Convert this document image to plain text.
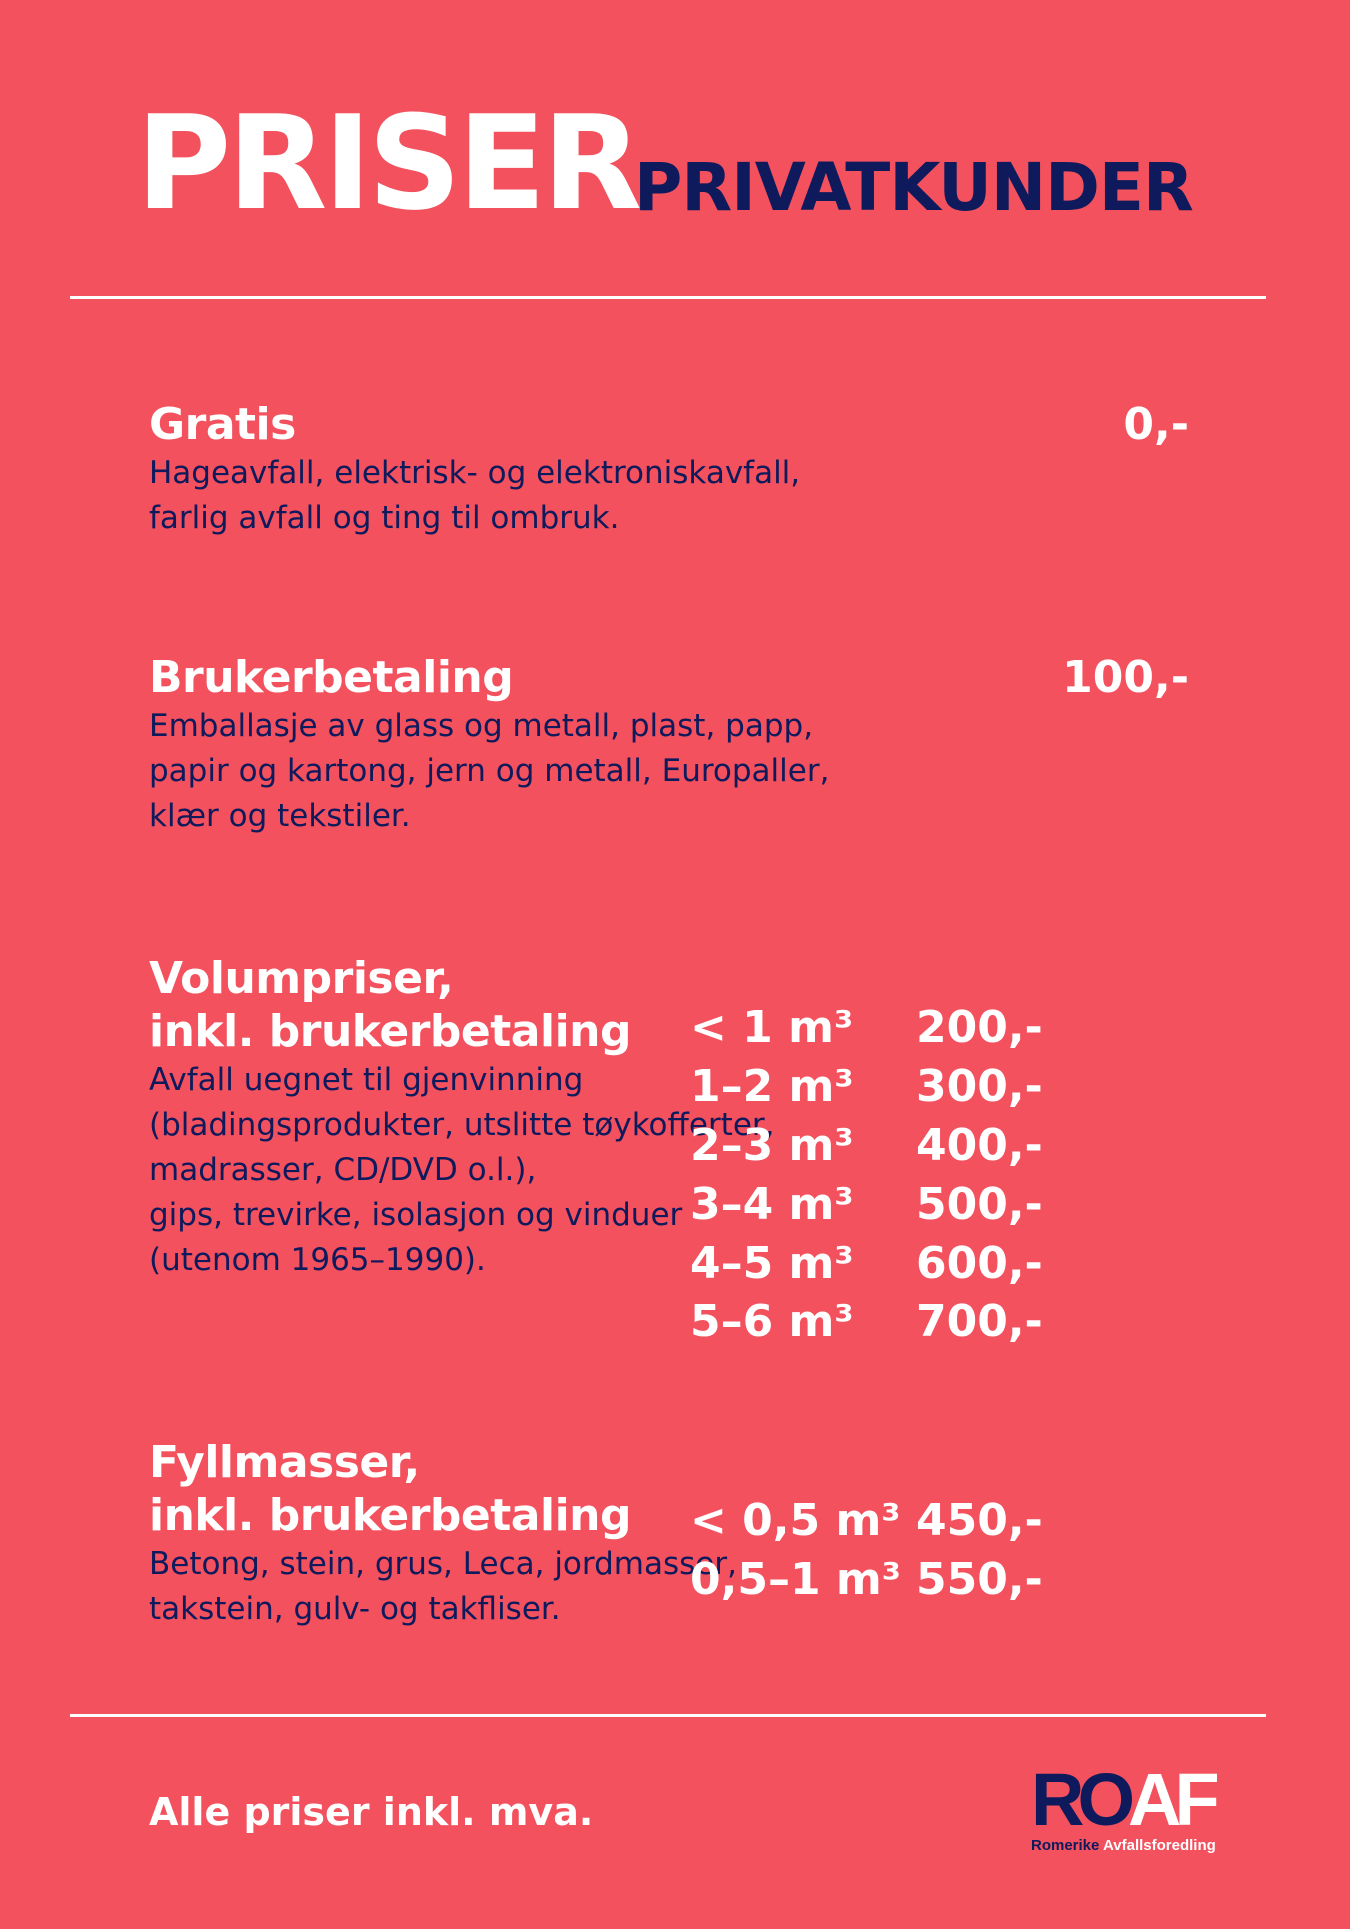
PRISER
PRIVATKUNDER

Gratis	0,-

Hageavfall, elektrisk- og elektroniskavfall,

farlig avfall og ting til ombruk.

Brukerbetaling	100,-

Emballasje av glass og metall, plast, papp,

papir og kartong, jern og metall, Europaller,

klær og tekstiler.

Volumpriser,

inkl. brukerbetaling

Avfall uegnet til gjenvinning

(bladingsprodukter, utslitte tøykofferter,

madrasser, CD/DVD o.l.),

gips, trevirke, isolasjon og vinduer

(utenom 1965–1990).

< 1 m³	200,-
1–2 m³	300,-
2–3 m³	400,-
3–4 m³	500,-
4–5 m³	600,-
5–6 m³	700,-

Fyllmasser,

inkl. brukerbetaling

Betong, stein, grus, Leca, jordmasser,

takstein, gulv- og takfliser.

< 0,5 m³	450,-
0,5–1 m³	550,-
Alle priser inkl. mva.	ROAF
Romerike Avfallsforedling
